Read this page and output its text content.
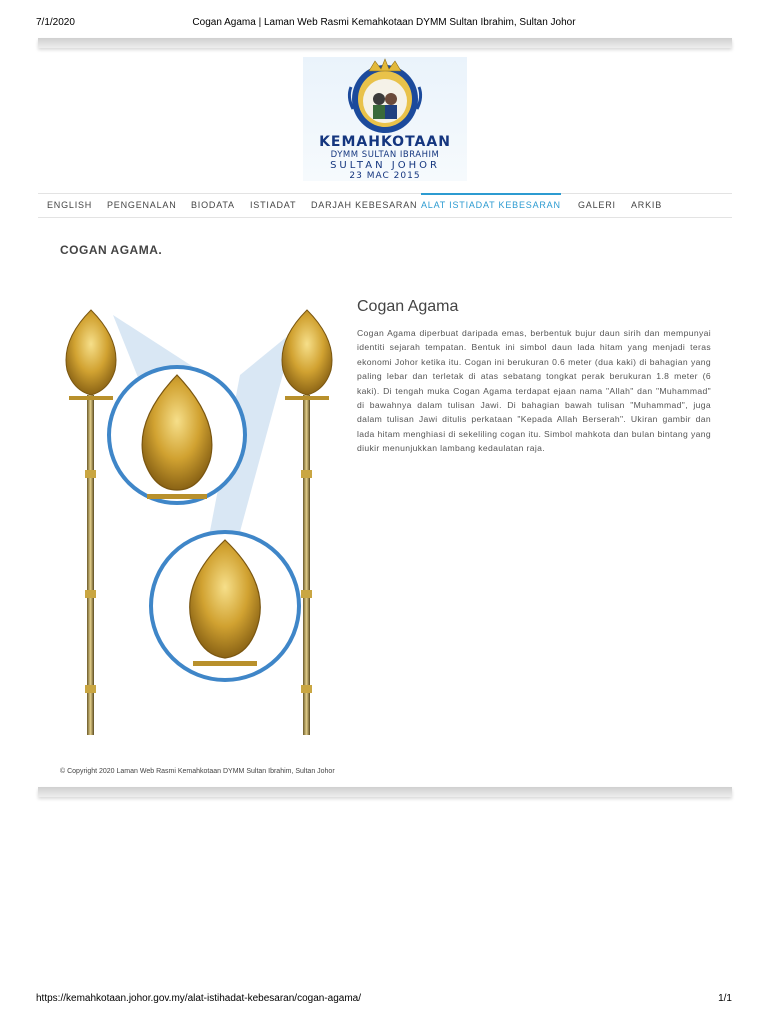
7/1/2020	Cogan Agama | Laman Web Rasmi Kemahkotaan DYMM Sultan Ibrahim, Sultan Johor
KEMAHKOTAAN
DYMM SULTAN IBRAHIM
SULTAN JOHOR
23 MAC 2015
ENGLISH PENGENALAN BIODATA ISTIADAT DARJAH KEBESARAN ALAT ISTIADAT KEBESARAN GALERI ARKIB
COGAN AGAMA.
Cogan Agama

Cogan Agama diperbuat daripada emas, berbentuk bujur daun sirih dan mempunyai identiti sejarah tempatan. Bentuk ini simbol daun lada hitam yang menjadi teras ekonomi Johor ketika itu. Cogan ini berukuran 0.6 meter (dua kaki) di bahagian yang paling lebar dan terletak di atas sebatang tongkat perak berukuran 1.8 meter (6 kaki). Di tengah muka Cogan Agama terdapat ejaan nama "Allah" dan "Muhammad" di bawahnya dalam tulisan Jawi. Di bahagian bawah tulisan "Muhammad", juga dalam tulisan Jawi ditulis perkataan "Kepada Allah Berserah". Ukiran gambir dan lada hitam menghiasi di sekeliling cogan itu. Simbol mahkota dan bulan bintang yang diukir menunjukkan lambang kedaulatan raja.

© Copyright 2020 Laman Web Rasmi Kemahkotaan DYMM Sultan Ibrahim, Sultan Johor
https://kemahkotaan.johor.gov.my/alat-istihadat-kebesaran/cogan-agama/	1/1
